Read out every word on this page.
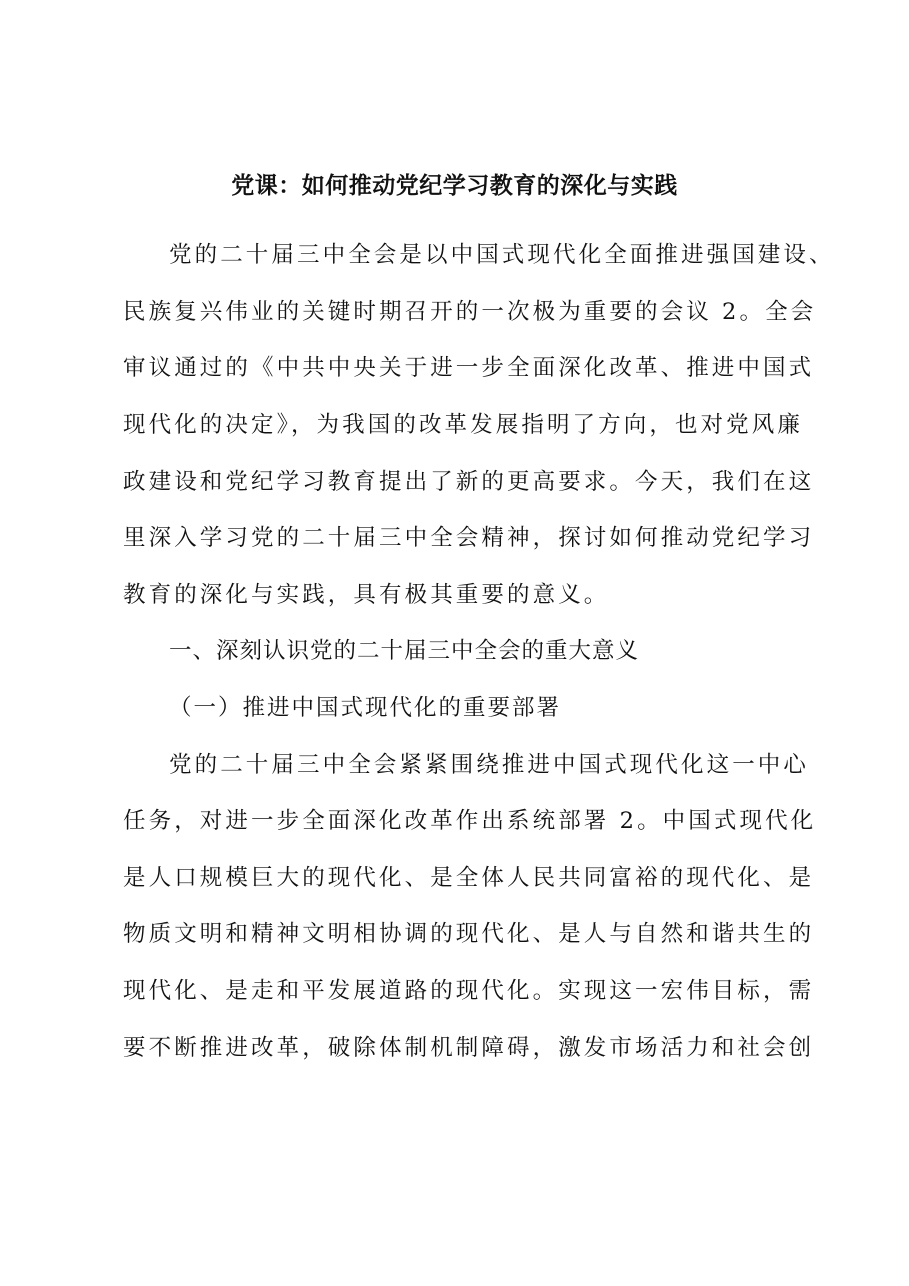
党课：如何推动党纪学习教育的深化与实践

党的二十届三中全会是以中国式现代化全面推进强国建设、

民族复兴伟业的关键时期召开的一次极为重要的会议 2。全会

审议通过的《中共中央关于进一步全面深化改革、推进中国式

现代化的决定》，为我国的改革发展指明了方向，也对党风廉

政建设和党纪学习教育提出了新的更高要求。今天，我们在这

里深入学习党的二十届三中全会精神，探讨如何推动党纪学习

教育的深化与实践，具有极其重要的意义。

一、深刻认识党的二十届三中全会的重大意义

（一）推进中国式现代化的重要部署

党的二十届三中全会紧紧围绕推进中国式现代化这一中心

任务，对进一步全面深化改革作出系统部署 2。中国式现代化

是人口规模巨大的现代化、是全体人民共同富裕的现代化、是

物质文明和精神文明相协调的现代化、是人与自然和谐共生的

现代化、是走和平发展道路的现代化。实现这一宏伟目标，需

要不断推进改革，破除体制机制障碍，激发市场活力和社会创
